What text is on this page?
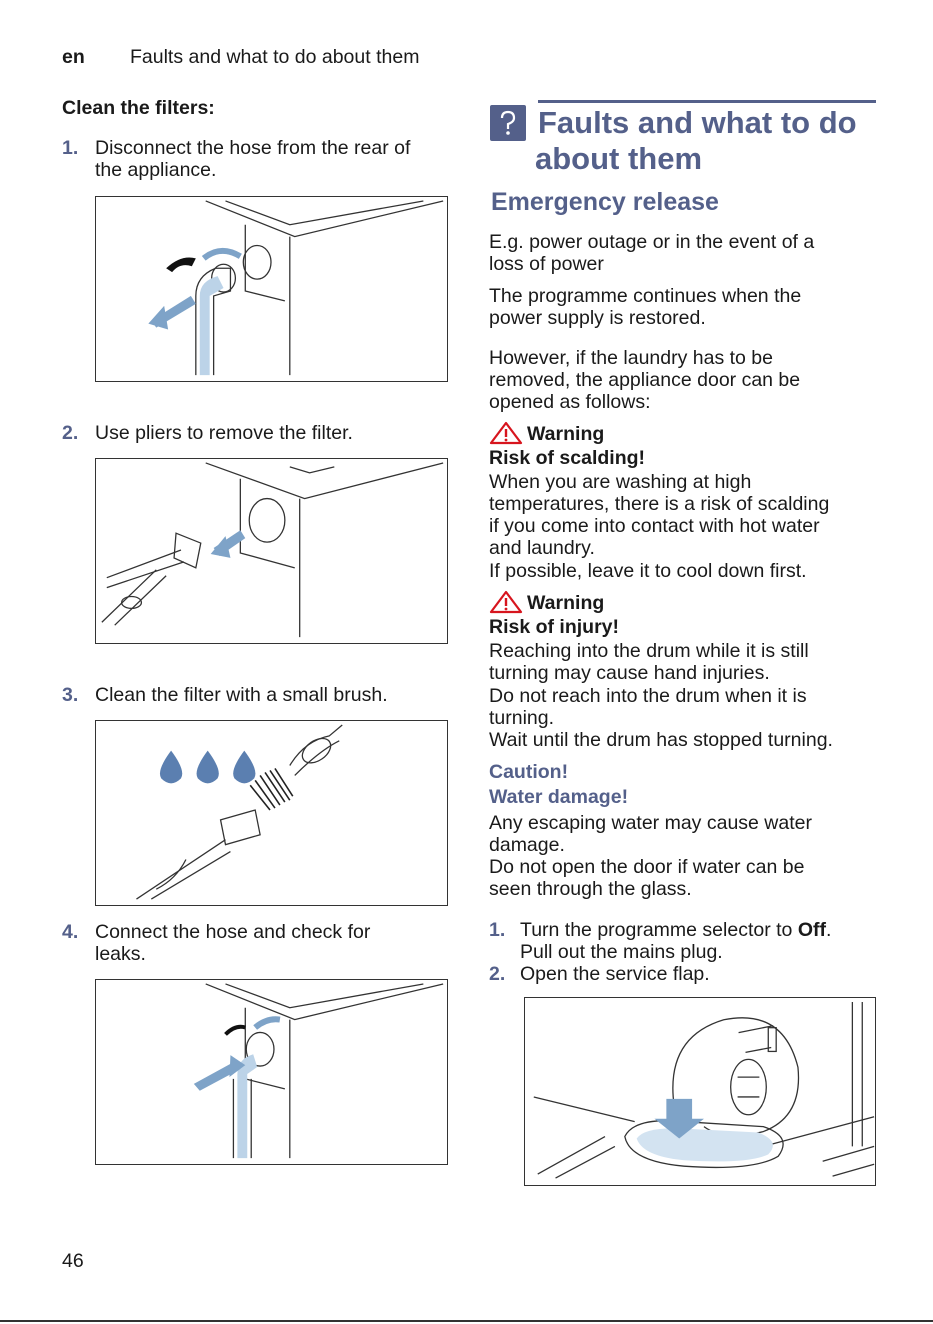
en Faults and what to do about them
Clean the filters:
1. Disconnect the hose from the rear of
the appliance.
2. Use pliers to remove the filter.
3. Clean the filter with a small brush.
4. Connect the hose and check for
leaks.
Faults and what to do
about them
Emergency release
E.g. power outage or in the event of a
loss of power
The programme continues when the
power supply is restored.
However, if the laundry has to be
removed, the appliance door can be
opened as follows:
Warning
Risk of scalding!
When you are washing at high
temperatures, there is a risk of scalding
if you come into contact with hot water
and laundry.
If possible, leave it to cool down first.
Warning
Risk of injury!
Reaching into the drum while it is still
turning may cause hand injuries.
Do not reach into the drum when it is
turning.
Wait until the drum has stopped turning.
Caution!
Water damage!
Any escaping water may cause water
damage.
Do not open the door if water can be
seen through the glass.
1. Turn the programme selector to Off.
Pull out the mains plug.
2. Open the service flap.
46
